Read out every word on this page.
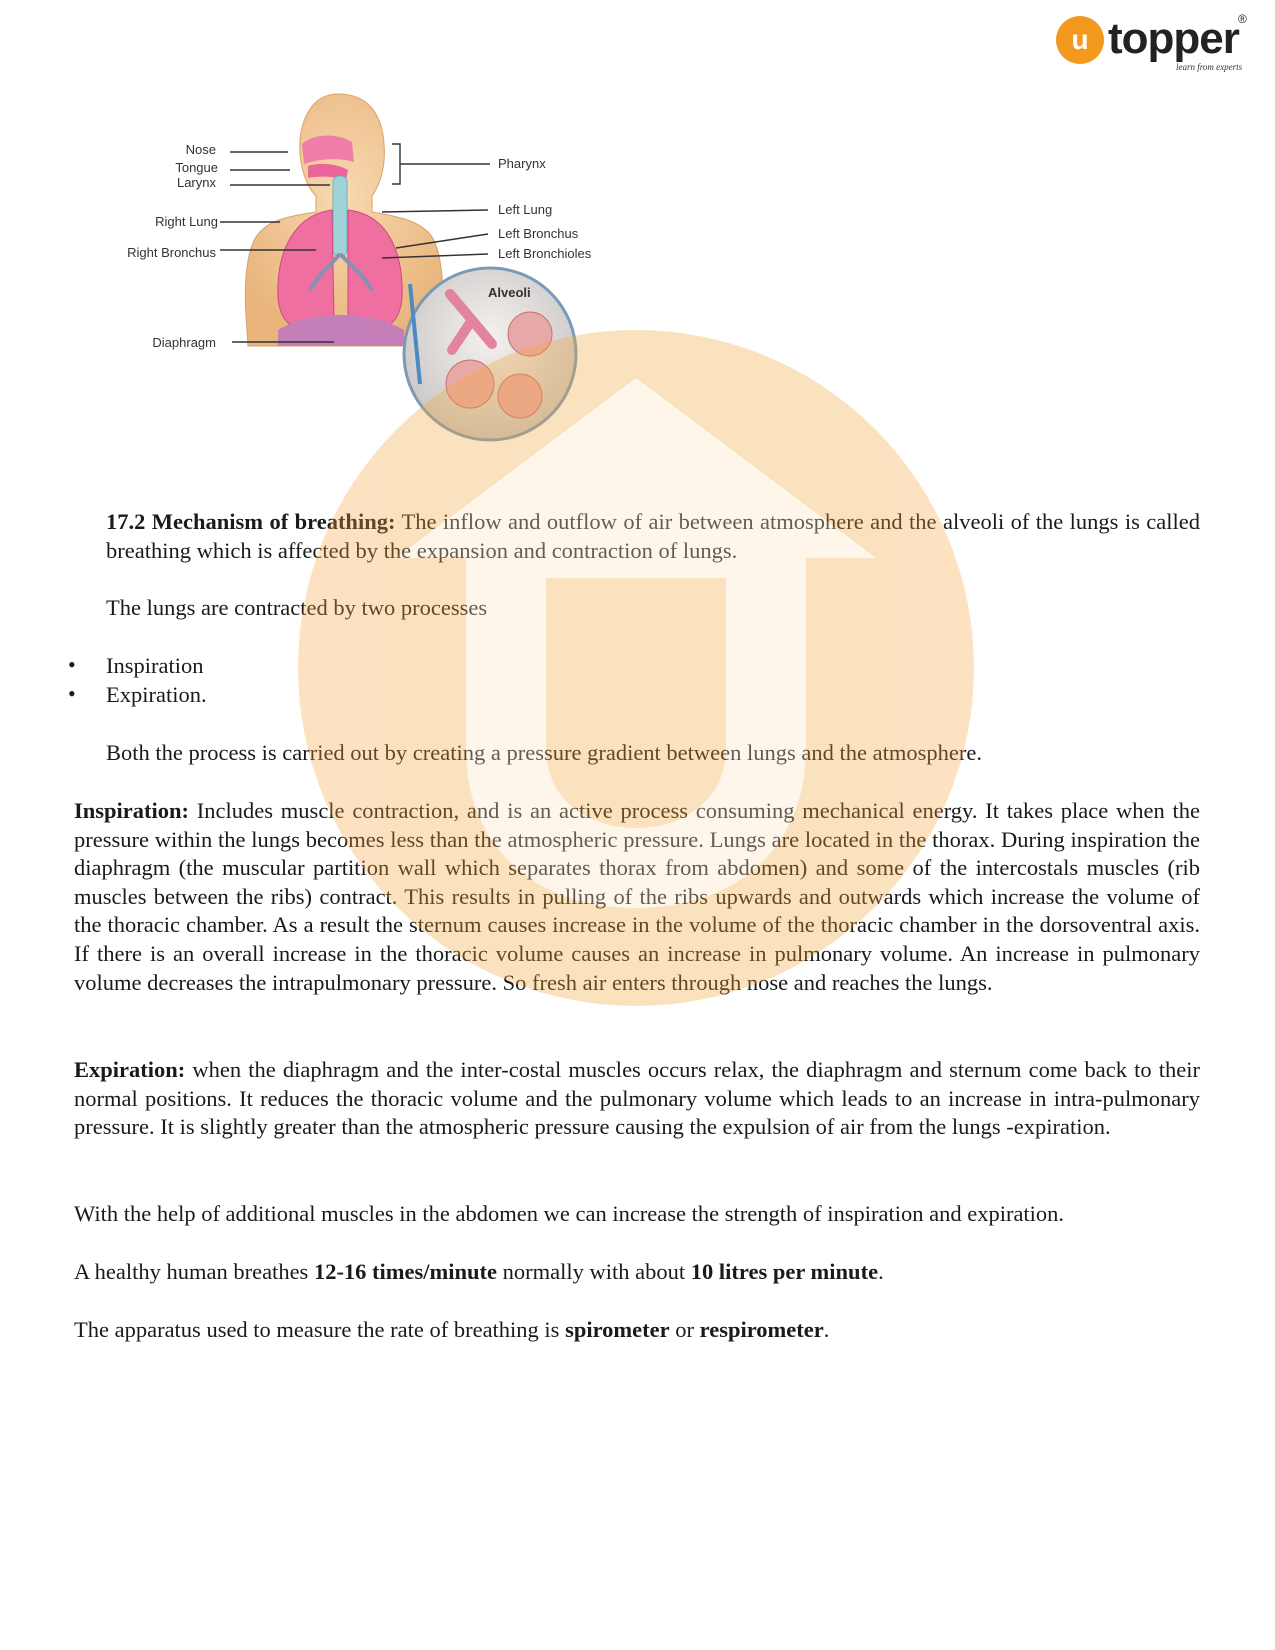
u topper ®
learn from experts
Nose
Tongue
Larynx
Right Lung
Right Bronchus
Diaphragm
Pharynx
Left Lung
Left Bronchus
Left Bronchioles
Alveoli

17.2 Mechanism of breathing: The inflow and outflow of air between atmosphere and the alveoli of the lungs is called breathing which is affected by the expansion and contraction of lungs.

The lungs are contracted by two processes

• Inspiration

• Expiration.

Both the process is carried out by creating a pressure gradient between lungs and the atmosphere.

Inspiration: Includes muscle contraction, and is an active process consuming mechanical energy. It takes place when the pressure within the lungs becomes less than the atmospheric pressure. Lungs are located in the thorax. During inspiration the diaphragm (the muscular partition wall which separates thorax from abdomen) and some of the intercostals muscles (rib muscles between the ribs) contract. This results in pulling of the ribs upwards and outwards which increase the volume of the thoracic chamber. As a result the sternum causes increase in the volume of the thoracic chamber in the dorsoventral axis. If there is an overall increase in the thoracic volume causes an increase in pulmonary volume. An increase in pulmonary volume decreases the intrapulmonary pressure. So fresh air enters through nose and reaches the lungs.

Expiration: when the diaphragm and the inter-costal muscles occurs relax, the diaphragm and sternum come back to their normal positions. It reduces the thoracic volume and the pulmonary volume which leads to an increase in intra-pulmonary pressure. It is slightly greater than the atmospheric pressure causing the expulsion of air from the lungs -expiration.

With the help of additional muscles in the abdomen we can increase the strength of inspiration and expiration.

A healthy human breathes 12-16 times/minute normally with about 10 litres per minute.

The apparatus used to measure the rate of breathing is spirometer or respirometer.
